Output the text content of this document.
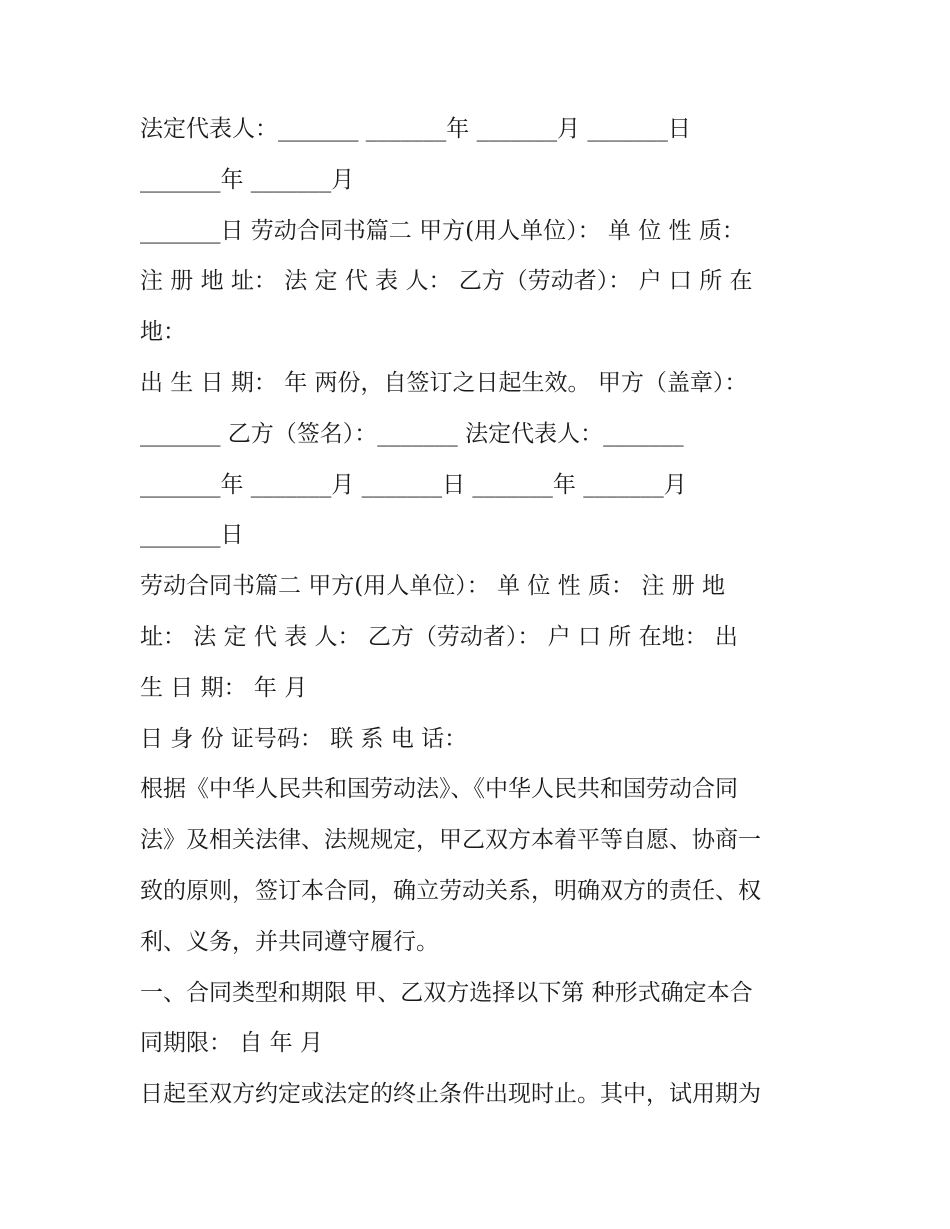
法定代表人：_______ _______年 _______月 _______日
_______年 _______月
_______日 劳动合同书篇二 甲方(用人单位）： 单 位 性 质：
注 册 地 址： 法 定 代 表 人： 乙方（劳动者）： 户 口 所 在
地：
出 生 日 期： 年 两份，自签订之日起生效。 甲方（盖章）：
_______ 乙方（签名）：_______ 法定代表人：_______
_______年 _______月 _______日 _______年 _______月
_______日
劳动合同书篇二 甲方(用人单位）： 单 位 性 质： 注 册 地
址： 法 定 代 表 人： 乙方（劳动者）： 户 口 所 在地： 出
生 日 期： 年 月
日 身 份 证号码： 联 系 电 话：
根据《中华人民共和国劳动法》、《中华人民共和国劳动合同
法》及相关法律、法规规定，甲乙双方本着平等自愿、协商一
致的原则，签订本合同，确立劳动关系，明确双方的责任、权
利、义务，并共同遵守履行。
一、合同类型和期限 甲、乙双方选择以下第 种形式确定本合
同期限： 自 年 月
日起至双方约定或法定的终止条件出现时止。其中，试用期为
